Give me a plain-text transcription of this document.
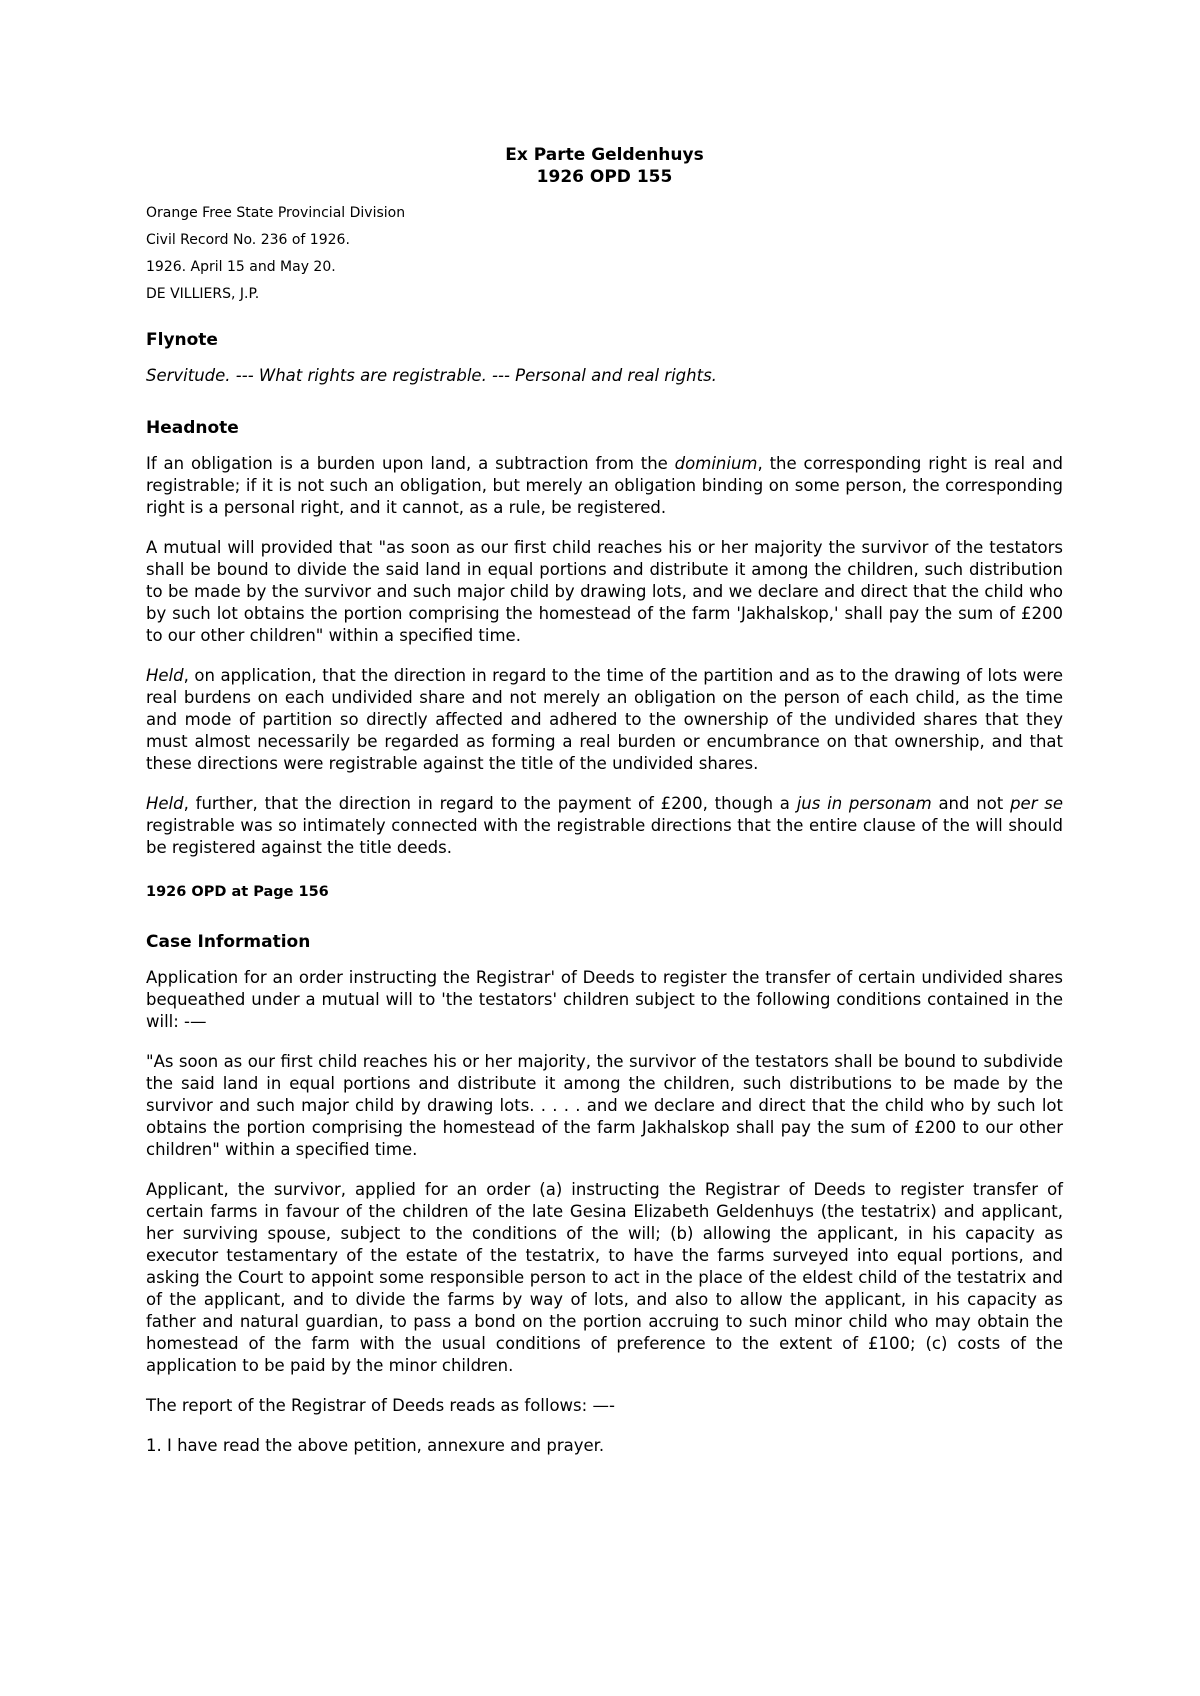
Ex Parte Geldenhuys

1926 OPD 155

Orange Free State Provincial Division

Civil Record No. 236 of 1926.

1926. April 15 and May 20.

DE VILLIERS, J.P.

Flynote

Servitude. --- What rights are registrable. --- Personal and real rights.

Headnote

If an obligation is a burden upon land, a subtraction from the dominium, the corresponding right is real and registrable; if it is not such an obligation, but merely an obligation binding on some person, the corresponding right is a personal right, and it cannot, as a rule, be registered.

A mutual will provided that "as soon as our first child reaches his or her majority the survivor of the testators shall be bound to divide the said land in equal portions and distribute it among the children, such distribution to be made by the survivor and such major child by drawing lots, and we declare and direct that the child who by such lot obtains the portion comprising the homestead of the farm 'Jakhalskop,' shall pay the sum of £200 to our other children" within a specified time.

Held, on application, that the direction in regard to the time of the partition and as to the drawing of lots were real burdens on each undivided share and not merely an obligation on the person of each child, as the time and mode of partition so directly affected and adhered to the ownership of the undivided shares that they must almost necessarily be regarded as forming a real burden or encumbrance on that ownership, and that these directions were registrable against the title of the undivided shares.

Held, further, that the direction in regard to the payment of £200, though a jus in personam and not per se registrable was so intimately connected with the registrable directions that the entire clause of the will should be registered against the title deeds.

1926 OPD at Page 156

Case Information

Application for an order instructing the Registrar' of Deeds to register the transfer of certain undivided shares bequeathed under a mutual will to 'the testators' children subject to the following conditions contained in the will: -—

"As soon as our first child reaches his or her majority, the survivor of the testators shall be bound to subdivide the said land in equal portions and distribute it among the children, such distributions to be made by the survivor and such major child by drawing lots. . . . . and we declare and direct that the child who by such lot obtains the portion comprising the homestead of the farm Jakhalskop shall pay the sum of £200 to our other children" within a specified time.

Applicant, the survivor, applied for an order (a) instructing the Registrar of Deeds to register transfer of certain farms in favour of the children of the late Gesina Elizabeth Geldenhuys (the testatrix) and applicant, her surviving spouse, subject to the conditions of the will; (b) allowing the applicant, in his capacity as executor testamentary of the estate of the testatrix, to have the farms surveyed into equal portions, and asking the Court to appoint some responsible person to act in the place of the eldest child of the testatrix and of the applicant, and to divide the farms by way of lots, and also to allow the applicant, in his capacity as father and natural guardian, to pass a bond on the portion accruing to such minor child who may obtain the homestead of the farm with the usual conditions of preference to the extent of £100; (c) costs of the application to be paid by the minor children.

The report of the Registrar of Deeds reads as follows: —-

1. I have read the above petition, annexure and prayer.
